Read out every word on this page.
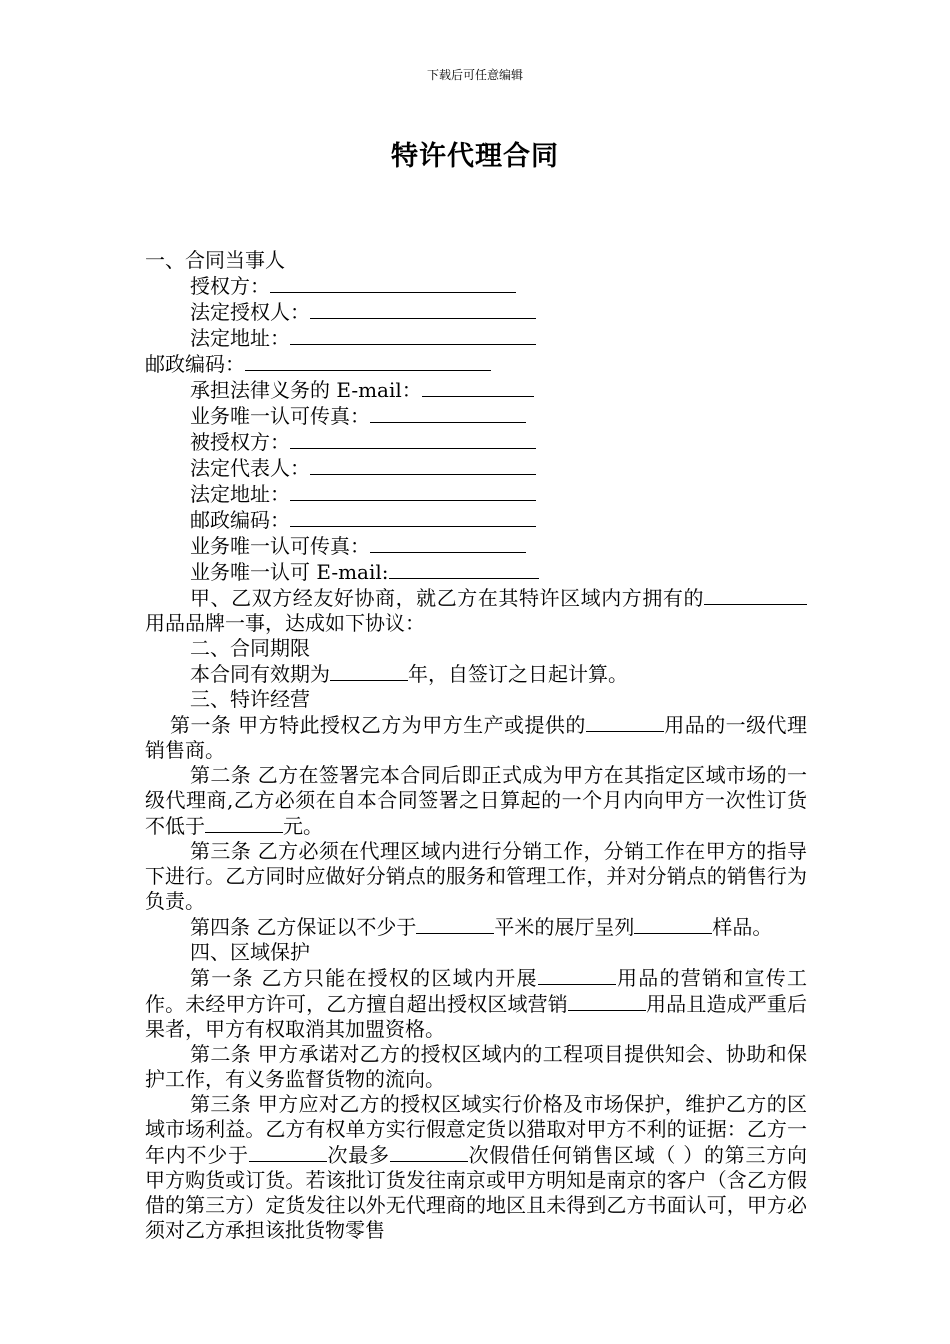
下载后可任意编辑
特许代理合同
一、合同当事人
授权方：
法定授权人：
法定地址：
邮政编码：
承担法律义务的 E-mail：
业务唯一认可传真：
被授权方：
法定代表人：
法定地址：
邮政编码：
业务唯一认可传真：
业务唯一认可 E-mail:
甲、乙双方经友好协商，就乙方在其特许区域内方拥有的用品品牌一事，达成如下协议：
二、合同期限
本合同有效期为	年，自签订之日起计算。
三、特许经营
第一条 甲方特此授权乙方为甲方生产或提供的	用品的一级代理销售商。
第二条 乙方在签署完本合同后即正式成为甲方在其指定区域市场的一级代理商,乙方必须在自本合同签署之日算起的一个月内向甲方一次性订货不低于	元。
第三条 乙方必须在代理区域内进行分销工作，分销工作在甲方的指导下进行。乙方同时应做好分销点的服务和管理工作，并对分销点的销售行为负责。
第四条 乙方保证以不少于	平米的展厅呈列	样品。
四、区域保护
第一条 乙方只能在授权的区域内开展	用品的营销和宣传工作。未经甲方许可，乙方擅自超出授权区域营销	用品且造成严重后果者，甲方有权取消其加盟资格。
第二条 甲方承诺对乙方的授权区域内的工程项目提供知会、协助和保护工作，有义务监督货物的流向。
第三条 甲方应对乙方的授权区域实行价格及市场保护，维护乙方的区域市场利益。乙方有权单方实行假意定货以猎取对甲方不利的证据：乙方一年内不少于	次最多	次假借任何销售区域（ ）的第三方向甲方购货或订货。若该批订货发往南京或甲方明知是南京的客户（含乙方假借的第三方）定货发往以外无代理商的地区且未得到乙方书面认可，甲方必须对乙方承担该批货物零售
